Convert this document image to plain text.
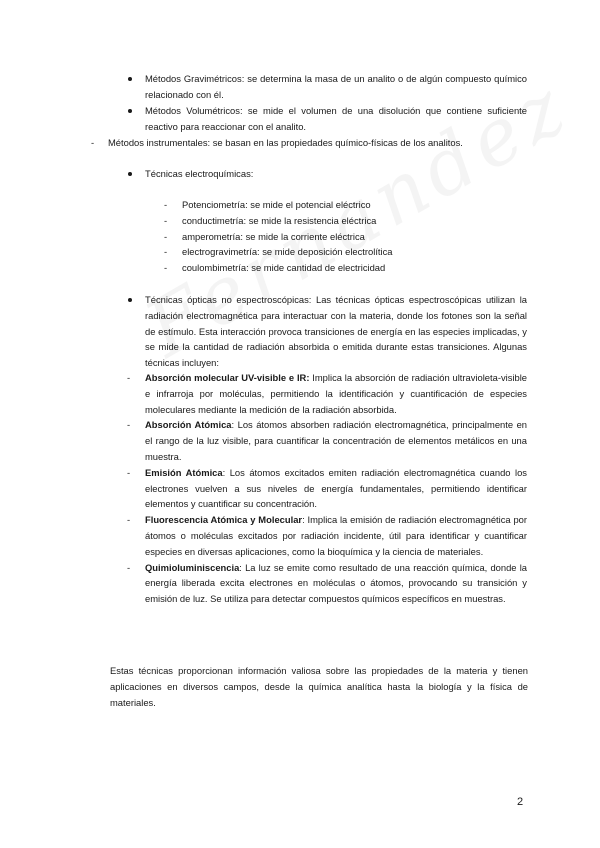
Métodos Gravimétricos: se determina la masa de un analito o de algún compuesto químico relacionado con él.
Métodos Volumétricos: se mide el volumen de una disolución que contiene suficiente reactivo para reaccionar con el analito.
- Métodos instrumentales: se basan en las propiedades químico-físicas de los analitos.
Técnicas electroquímicas:
- Potenciometría: se mide el potencial eléctrico
- conductimetría: se mide la resistencia eléctrica
- amperometría: se mide la corriente eléctrica
- electrogravimetría: se mide deposición electrolítica
- coulombimetría: se mide cantidad de electricidad
Técnicas ópticas no espectroscópicas: Las técnicas ópticas espectroscópicas utilizan la radiación electromagnética para interactuar con la materia, donde los fotones son la señal de estímulo. Esta interacción provoca transiciones de energía en las especies implicadas, y se mide la cantidad de radiación absorbida o emitida durante estas transiciones. Algunas técnicas incluyen:
- Absorción molecular UV-visible e IR: Implica la absorción de radiación ultravioleta-visible e infrarroja por moléculas, permitiendo la identificación y cuantificación de especies moleculares mediante la medición de la radiación absorbida.
- Absorción Atómica: Los átomos absorben radiación electromagnética, principalmente en el rango de la luz visible, para cuantificar la concentración de elementos metálicos en una muestra.
- Emisión Atómica: Los átomos excitados emiten radiación electromagnética cuando los electrones vuelven a sus niveles de energía fundamentales, permitiendo identificar elementos y cuantificar su concentración.
- Fluorescencia Atómica y Molecular: Implica la emisión de radiación electromagnética por átomos o moléculas excitados por radiación incidente, útil para identificar y cuantificar especies en diversas aplicaciones, como la bioquímica y la ciencia de materiales.
- Quimioluminiscencia: La luz se emite como resultado de una reacción química, donde la energía liberada excita electrones en moléculas o átomos, provocando su transición y emisión de luz. Se utiliza para detectar compuestos químicos específicos en muestras.
Estas técnicas proporcionan información valiosa sobre las propiedades de la materia y tienen aplicaciones en diversos campos, desde la química analítica hasta la biología y la física de materiales.
2
